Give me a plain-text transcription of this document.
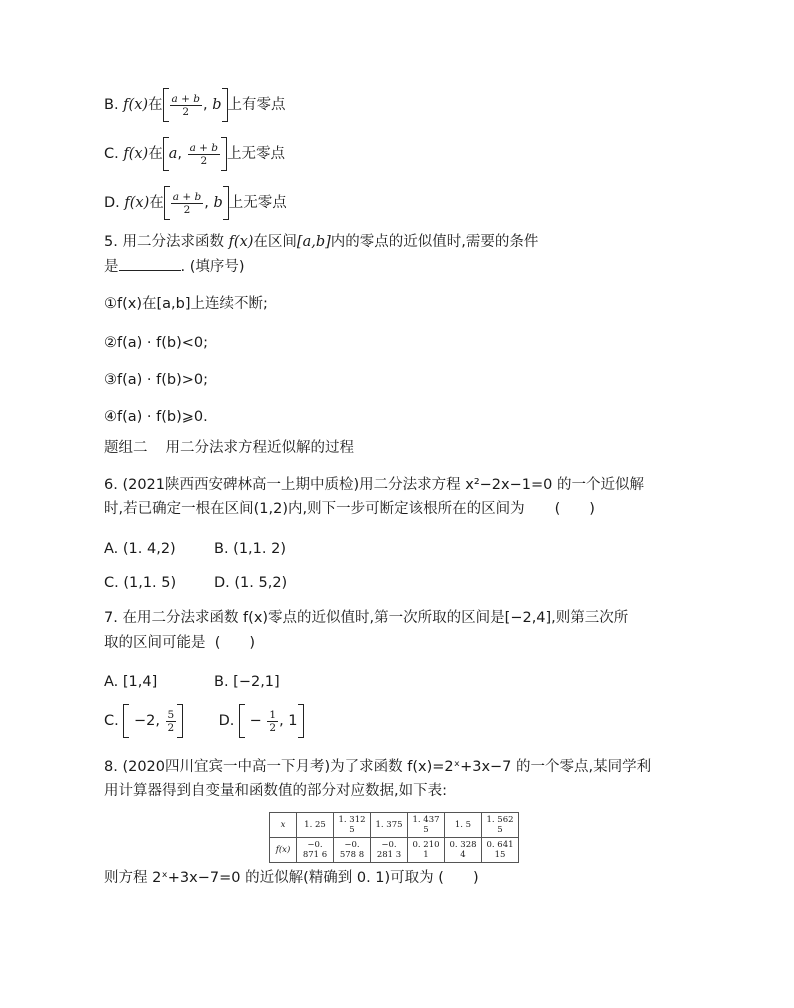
B. f(x)在 $\frac{a + b}{2}$ , b 上有零点
C. f(x)在 a , $\frac{a + b}{2}$ 上无零点
D. f(x)在 $\frac{a + b}{2}$ , b 上无零点
5. 用二分法求函数 f(x)在区间[a,b]内的零点的近似值时,需要的条件
是	. (填序号)
①f(x)在[a,b]上连续不断;
②f(a) · f(b)<0;
③f(a) · f(b)>0;
④f(a) · f(b)⩾0.
题组二 用二分法求方程近似解的过程
6. (2021陕西西安碑林高一上期中质检)用二分法求方程 x²−2x−1=0 的一个近似解
时,若已确定一根在区间(1,2)内,则下一步可断定该根所在的区间为 (　　)
A. (1. 4,2)	B. (1,1. 2)
C. (1,1. 5)	D. (1. 5,2)
7. 在用二分法求函数 f(x)零点的近似值时,第一次所取的区间是[−2,4],则第三次所
取的区间可能是 (　　)
A. [1,4]	B. [−2,1]
C.
−2,
$\frac{5}{2}$	D.
−
$\frac{1}{2}$ , 1
8. (2020四川宜宾一中高一下月考)为了求函数 f(x)=2ˣ+3x−7 的一个零点,某同学利
用计算器得到自变量和函数值的部分对应数据,如下表:
x	1. 25	1. 312 5	1. 375	1. 437 5	1. 5	1. 562 5
f(x)	−0. 871 6	−0. 578 8	−0. 281 3	0. 210 1	0. 328 4	0. 641 15
则方程 2ˣ+3x−7=0 的近似解(精确到 0. 1)可取为 (　　)
